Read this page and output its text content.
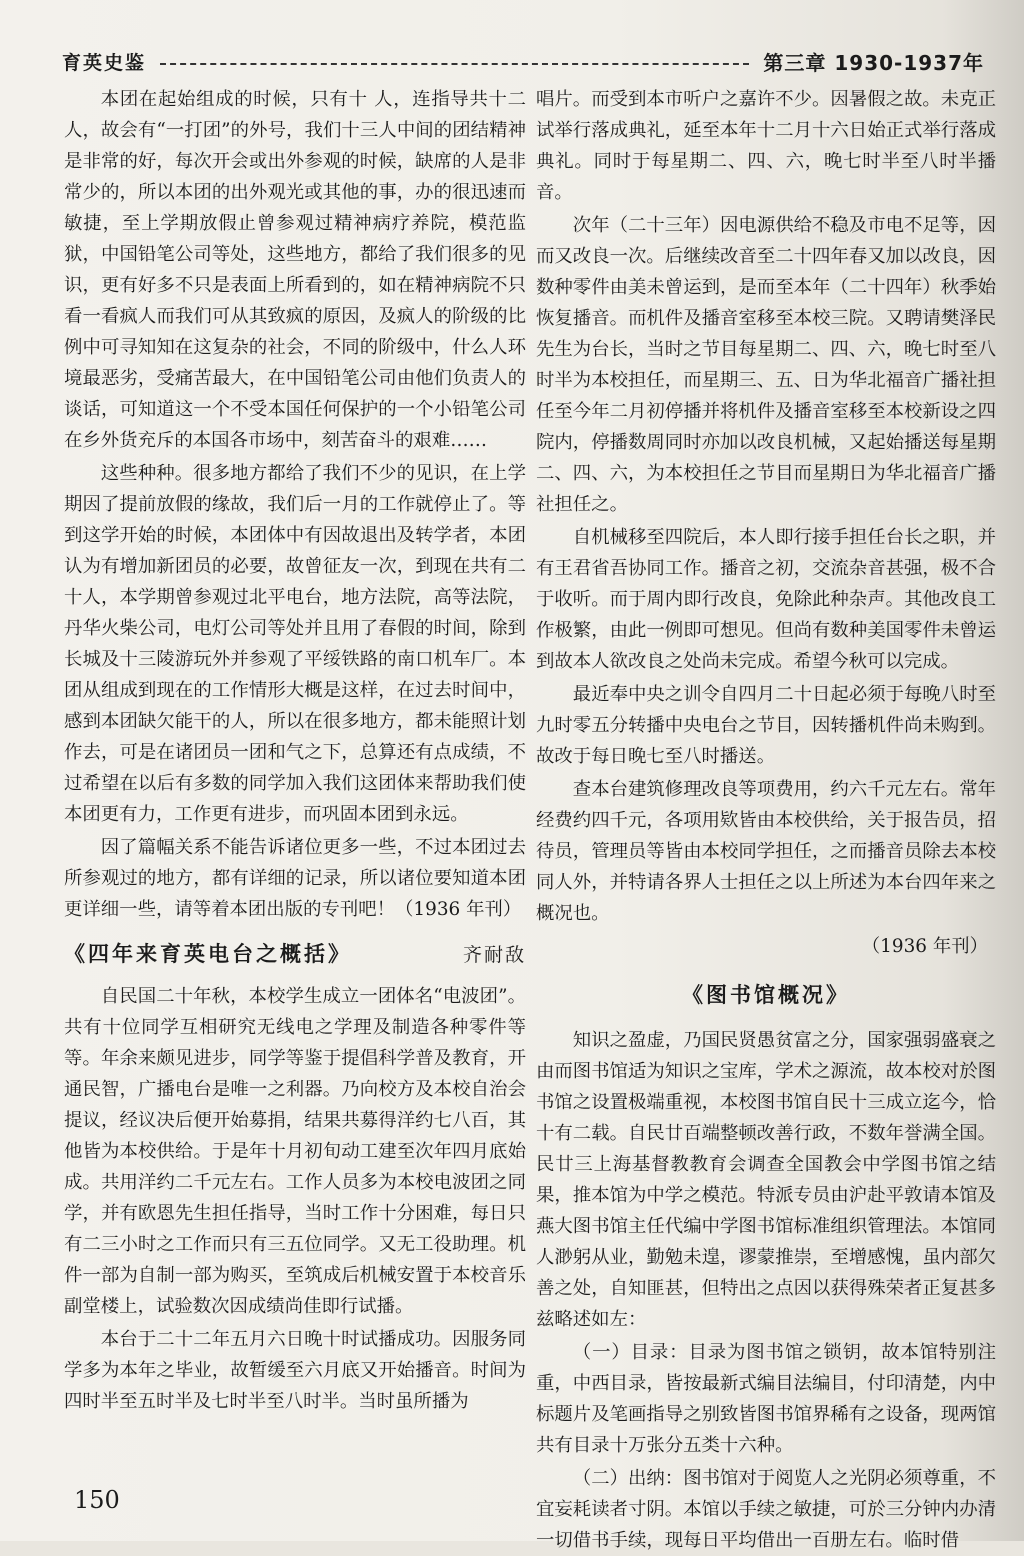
育英史鉴	第三章 1930-1937年

本团在起始组成的时候，只有十 人，连指导共十二人，故会有“一打团”的外号，我们十三人中间的团结精神是非常的好，每次开会或出外参观的时候，缺席的人是非常少的，所以本团的出外观光或其他的事，办的很迅速而敏捷，至上学期放假止曾参观过精神病疗养院，模范监狱，中国铅笔公司等处，这些地方，都给了我们很多的见识，更有好多不只是表面上所看到的，如在精神病院不只看一看疯人而我们可从其致疯的原因，及疯人的阶级的比例中可寻知知在这复杂的社会，不同的阶级中，什么人环境最恶劣，受痛苦最大，在中国铅笔公司由他们负责人的谈话，可知道这一个不受本国任何保护的一个小铅笔公司在乡外货充斥的本国各市场中，刻苦奋斗的艰难……

这些种种。很多地方都给了我们不少的见识，在上学期因了提前放假的缘故，我们后一月的工作就停止了。等到这学开始的时候，本团体中有因故退出及转学者，本团认为有增加新团员的必要，故曾征友一次，到现在共有二十人，本学期曾参观过北平电台，地方法院，高等法院，丹华火柴公司，电灯公司等处并且用了春假的时间，除到长城及十三陵游玩外并参观了平绥铁路的南口机车厂。本团从组成到现在的工作情形大概是这样，在过去时间中，感到本团缺欠能干的人，所以在很多地方，都未能照计划作去，可是在诸团员一团和气之下，总算还有点成绩，不过希望在以后有多数的同学加入我们这团体来帮助我们使本团更有力，工作更有进步，而巩固本团到永远。

因了篇幅关系不能告诉诸位更多一些，不过本团过去所参观过的地方，都有详细的记录，所以诸位要知道本团更详细一些，请等着本团出版的专刊吧！（1936 年刊）

《四年来育英电台之概括》	齐耐敌

自民国二十年秋，本校学生成立一团体名“电波团”。共有十位同学互相研究无线电之学理及制造各种零件等等。年余来颇见进步，同学等鉴于提倡科学普及教育，开通民智，广播电台是唯一之利器。乃向校方及本校自治会提议，经议决后便开始募捐，结果共募得洋约七八百，其他皆为本校供给。于是年十月初旬动工建至次年四月底始成。共用洋约二千元左右。工作人员多为本校电波团之同学，并有欧恩先生担任指导，当时工作十分困难，每日只有二三小时之工作而只有三五位同学。又无工役助理。机件一部为自制一部为购买，至筑成后机械安置于本校音乐副堂楼上，试验数次因成绩尚佳即行试播。

本台于二十二年五月六日晚十时试播成功。因服务同学多为本年之毕业，故暂缓至六月底又开始播音。时间为四时半至五时半及七时半至八时半。当时虽所播为

唱片。而受到本市听户之嘉许不少。因暑假之故。未克正试举行落成典礼，延至本年十二月十六日始正式举行落成典礼。同时于每星期二、四、六，晚七时半至八时半播音。

次年（二十三年）因电源供给不稳及市电不足等，因而又改良一次。后继续改音至二十四年春又加以改良，因数种零件由美未曾运到，是而至本年（二十四年）秋季始恢复播音。而机件及播音室移至本校三院。又聘请樊泽民先生为台长，当时之节目每星期二、四、六，晚七时至八时半为本校担任，而星期三、五、日为华北福音广播社担任至今年二月初停播并将机件及播音室移至本校新设之四院内，停播数周同时亦加以改良机械，又起始播送每星期二、四、六，为本校担任之节目而星期日为华北福音广播社担任之。

自机械移至四院后，本人即行接手担任台长之职，并有王君省吾协同工作。播音之初，交流杂音甚强，极不合于收听。而于周内即行改良，免除此种杂声。其他改良工作极繁，由此一例即可想见。但尚有数种美国零件未曾运到故本人欲改良之处尚未完成。希望今秋可以完成。

最近奉中央之训令自四月二十日起必须于每晚八时至九时零五分转播中央电台之节目，因转播机件尚未购到。故改于每日晚七至八时播送。

查本台建筑修理改良等项费用，约六千元左右。常年经费约四千元，各项用欵皆由本校供给，关于报告员，招待员，管理员等皆由本校同学担任，之而播音员除去本校同人外，并特请各界人士担任之以上所述为本台四年来之概况也。

（1936 年刊）
《图书馆概况》

知识之盈虚，乃国民贤愚贫富之分，国家强弱盛衰之由而图书馆适为知识之宝库，学术之源流，故本校对於图书馆之设置极端重视，本校图书馆自民十三成立迄今，恰十有二载。自民廿百端整顿改善行政，不数年誉满全国。民廿三上海基督教教育会调查全国教会中学图书馆之结果，推本馆为中学之模范。特派专员由沪赴平敦请本馆及燕大图书馆主任代编中学图书馆标准组织管理法。本馆同人渺躬从业，勤勉未遑，谬蒙推崇，至增感愧，虽内部欠善之处，自知匪甚，但特出之点因以获得殊荣者正复甚多兹略述如左：

（一）目录：目录为图书馆之锁钥，故本馆特别注重，中西目录，皆按最新式编目法编目，付印清楚，内中标题片及笔画指导之别致皆图书馆界稀有之设备，现两馆共有目录十万张分五类十六种。

（二）出纳：图书馆对于阅览人之光阴必须尊重，不宜妄耗读者寸阴。本馆以手续之敏捷，可於三分钟内办清一切借书手续，现每日平均借出一百册左右。临时借

150
